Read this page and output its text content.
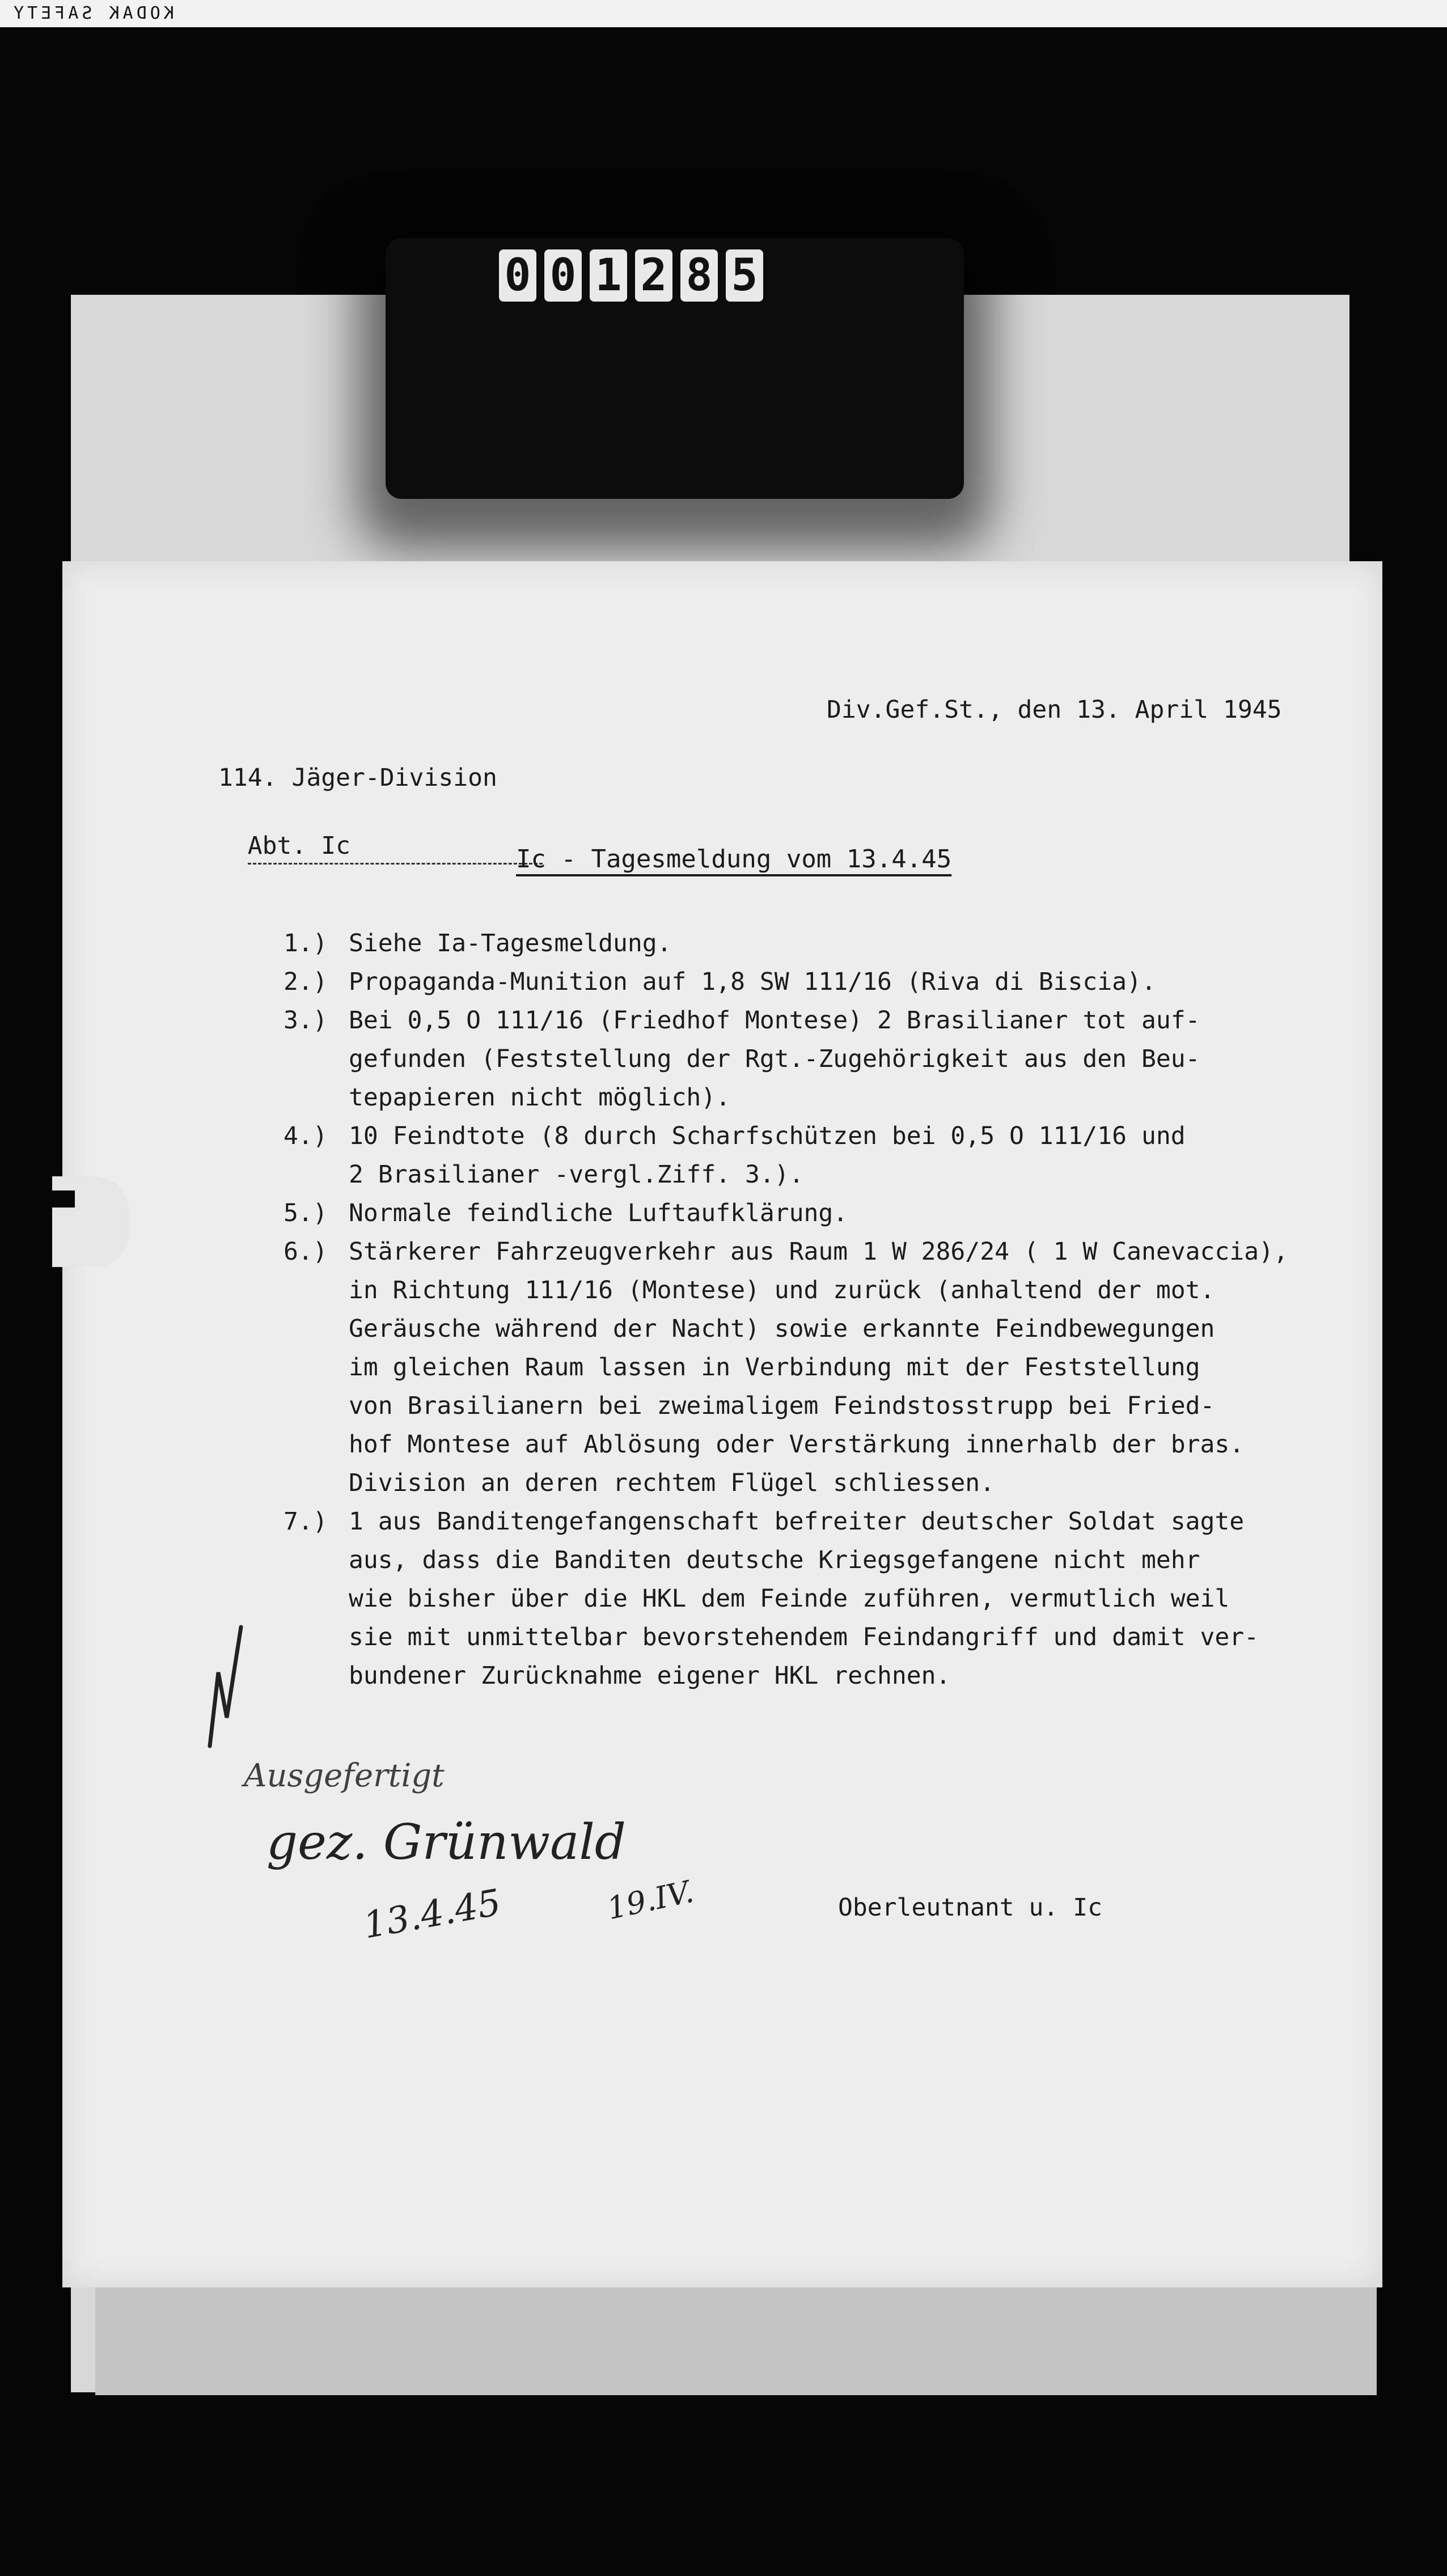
KODAK SAFETY
0 0 1 2 8 5

114. Jäger-Division

Abt. Ic

Div.Gef.St., den 13. April 1945
Ic - Tagesmeldung vom 13.4.45
1.) Siehe Ia-Tagesmeldung.
2.) Propaganda-Munition auf 1,8 SW 111/16 (Riva di Biscia).
3.) Bei 0,5 O 111/16 (Friedhof Montese) 2 Brasilianer tot auf-
gefunden (Feststellung der Rgt.-Zugehörigkeit aus den Beu-
tepapieren nicht möglich).
4.) 10 Feindtote (8 durch Scharfschützen bei 0,5 O 111/16 und
2 Brasilianer -vergl.Ziff. 3.).
5.) Normale feindliche Luftaufklärung.
6.) Stärkerer Fahrzeugverkehr aus Raum 1 W 286/24 ( 1 W Canevaccia),
in Richtung 111/16 (Montese) und zurück (anhaltend der mot.
Geräusche während der Nacht) sowie erkannte Feindbewegungen
im gleichen Raum lassen in Verbindung mit der Feststellung
von Brasilianern bei zweimaligem Feindstosstrupp bei Fried-
hof Montese auf Ablösung oder Verstärkung innerhalb der bras.
Division an deren rechtem Flügel schliessen.
7.) 1 aus Banditengefangenschaft befreiter deutscher Soldat sagte
aus, dass die Banditen deutsche Kriegsgefangene nicht mehr
wie bisher über die HKL dem Feinde zuführen, vermutlich weil
sie mit unmittelbar bevorstehendem Feindangriff und damit ver-
bundener Zurücknahme eigener HKL rechnen.
Ausgefertigt
gez. Grünwald
13.4.45	19.IV.	Oberleutnant u. Ic
